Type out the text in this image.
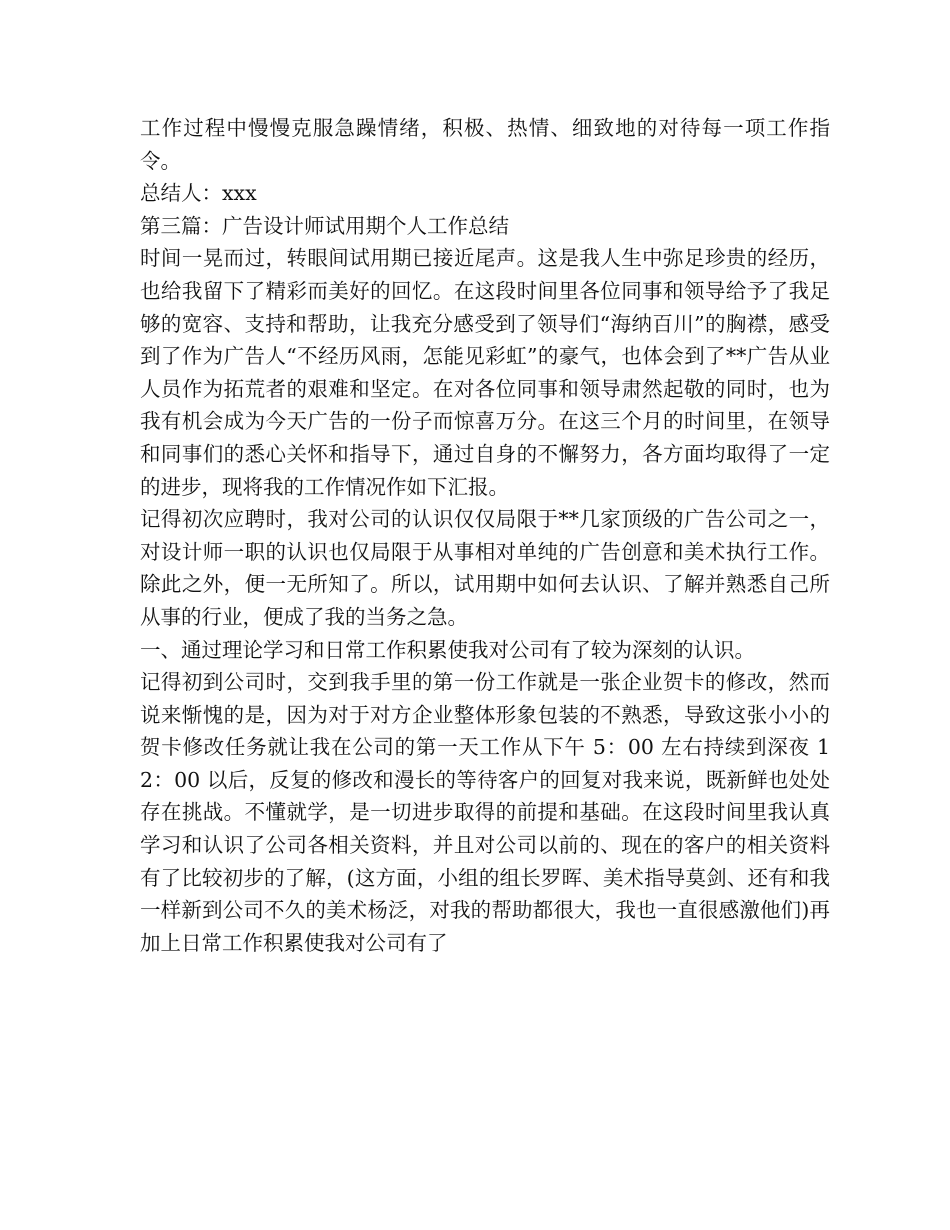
工作过程中慢慢克服急躁情绪，积极、热情、细致地的对待每一项工作指令。

总结人：xxx

第三篇：广告设计师试用期个人工作总结

时间一晃而过，转眼间试用期已接近尾声。这是我人生中弥足珍贵的经历，也给我留下了精彩而美好的回忆。在这段时间里各位同事和领导给予了我足够的宽容、支持和帮助，让我充分感受到了领导们“海纳百川”的胸襟，感受到了作为广告人“不经历风雨，怎能见彩虹”的豪气，也体会到了**广告从业人员作为拓荒者的艰难和坚定。在对各位同事和领导肃然起敬的同时，也为我有机会成为今天广告的一份子而惊喜万分。在这三个月的时间里，在领导和同事们的悉心关怀和指导下，通过自身的不懈努力，各方面均取得了一定的进步，现将我的工作情况作如下汇报。

记得初次应聘时，我对公司的认识仅仅局限于**几家顶级的广告公司之一，对设计师一职的认识也仅局限于从事相对单纯的广告创意和美术执行工作。除此之外，便一无所知了。所以，试用期中如何去认识、了解并熟悉自己所从事的行业，便成了我的当务之急。

一、通过理论学习和日常工作积累使我对公司有了较为深刻的认识。

记得初到公司时，交到我手里的第一份工作就是一张企业贺卡的修改，然而说来惭愧的是，因为对于对方企业整体形象包装的不熟悉，导致这张小小的贺卡修改任务就让我在公司的第一天工作从下午 5：00 左右持续到深夜 12：00 以后，反复的修改和漫长的等待客户的回复对我来说，既新鲜也处处存在挑战。不懂就学，是一切进步取得的前提和基础。在这段时间里我认真学习和认识了公司各相关资料，并且对公司以前的、现在的客户的相关资料有了比较初步的了解，(这方面，小组的组长罗晖、美术指导莫剑、还有和我一样新到公司不久的美术杨泛，对我的帮助都很大，我也一直很感激他们)再加上日常工作积累使我对公司有了
